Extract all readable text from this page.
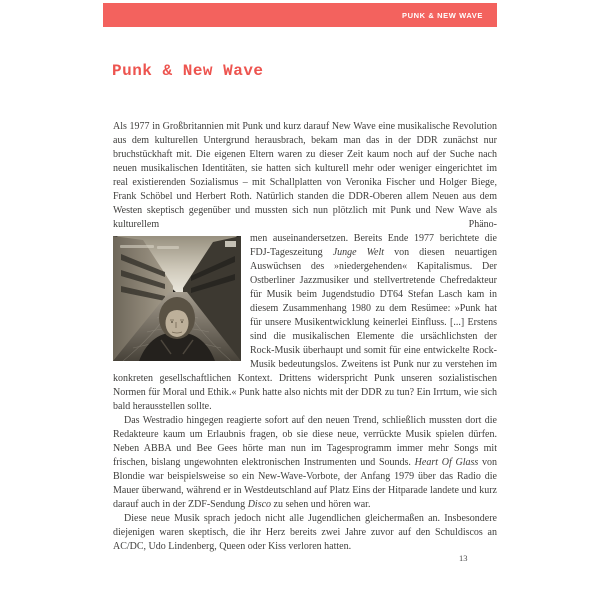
PUNK & NEW WAVE
Punk & New Wave

Als 1977 in Großbritannien mit Punk und kurz darauf New Wave eine musikalische Revolution aus dem kulturellen Untergrund herausbrach, bekam man das in der DDR zunächst nur bruchstückhaft mit. Die eigenen Eltern waren zu dieser Zeit kaum noch auf der Suche nach neuen musikalischen Identitäten, sie hatten sich kulturell mehr oder weniger eingerichtet im real existierenden Sozialismus – mit Schallplatten von Veronika Fischer und Holger Biege, Frank Schöbel und Herbert Roth. Natürlich standen die DDR-Oberen allem Neuen aus dem Westen skeptisch gegenüber und mussten sich nun plötzlich mit Punk und New Wave als kulturellem Phäno-

men auseinandersetzen. Bereits Ende 1977 berichtete die FDJ-Tageszeitung Junge Welt von diesen neuartigen Auswüchsen des »niedergehenden« Kapitalismus. Der Ostberliner Jazzmusiker und stellvertretende Chefredakteur für Musik beim Jugendstudio DT64 Stefan Lasch kam in diesem Zusammenhang 1980 zu dem Resümee: »Punk hat für unsere Musikentwicklung keinerlei Einfluss. [...] Erstens sind die musikalischen Elemente die ursächlichsten der Rock-Musik überhaupt und somit für eine entwickelte Rock-Musik bedeutungslos. Zweitens ist Punk nur zu verstehen im konkreten gesellschaftlichen Kontext. Drittens widerspricht Punk unseren sozialistischen Normen für Moral und Ethik.« Punk hatte also nichts mit der DDR zu tun? Ein Irrtum, wie sich bald herausstellen sollte.

Das Westradio hingegen reagierte sofort auf den neuen Trend, schließlich mussten dort die Redakteure kaum um Erlaubnis fragen, ob sie diese neue, verrückte Musik spielen dürfen. Neben ABBA und Bee Gees hörte man nun im Tagesprogramm immer mehr Songs mit frischen, bislang ungewohnten elektronischen Instrumenten und Sounds. Heart Of Glass von Blondie war beispielsweise so ein New-Wave-Vorbote, der Anfang 1979 über das Radio die Mauer überwand, während er in Westdeutschland auf Platz Eins der Hitparade landete und kurz darauf auch in der ZDF-Sendung Disco zu sehen und hören war.

Diese neue Musik sprach jedoch nicht alle Jugendlichen gleichermaßen an. Insbesondere diejenigen waren skeptisch, die ihr Herz bereits zwei Jahre zuvor auf den Schuldiscos an AC/DC, Udo Lindenberg, Queen oder Kiss verloren hatten.

13
